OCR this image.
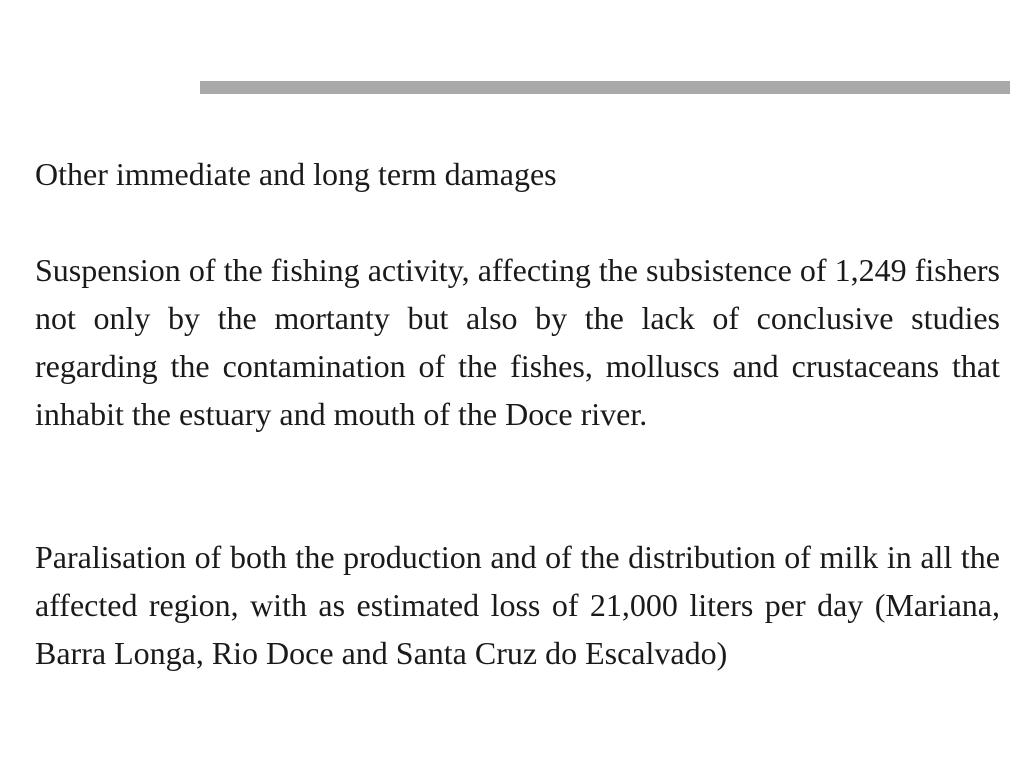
Other immediate and long term damages

Suspension of the fishing activity, affecting the subsistence of 1,249 fishers not only by the mortanty but also by the lack of conclusive studies regarding the contamination of the fishes, molluscs and crustaceans that inhabit the estuary and mouth of the Doce river.

Paralisation of both the production and of the distribution of milk in all the affected region, with as estimated loss of 21,000 liters per day (Mariana, Barra Longa, Rio Doce and Santa Cruz do Escalvado)
